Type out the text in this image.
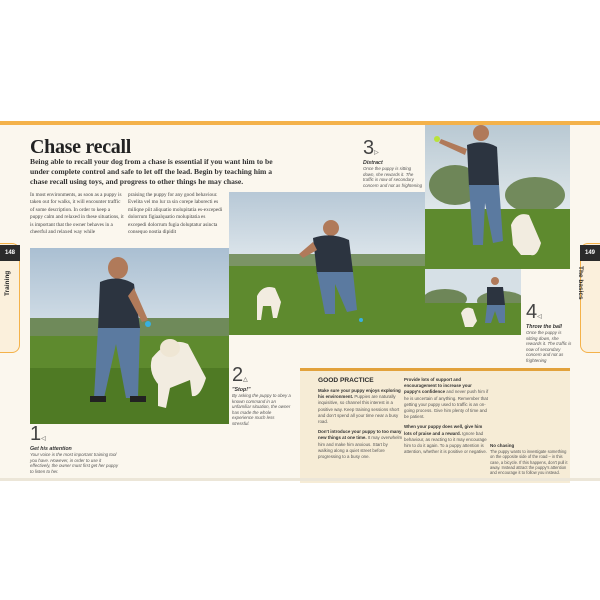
Chase recall
Being able to recall your dog from a chase is essential if you want him to be under complete control and safe to let off the lead. Begin by teaching him a chase recall using toys, and progress to other things he may chase.
In most environments, as soon as a puppy is taken out for walks, it will encounter traffic of some description. In order to keep a puppy calm and relaxed in these situations, it is important that the owner behaves in a cheerful and relaxed way while
praising the puppy for any good behaviour. Evelita vel mo lur ra sin corepe laborecti es miliqne piit aliquatio molupitatia es-excepedi dolorrum figiaalquatio molupitatia es excepedi dolorrum fugia doluptatur asincta consequo nostia dipidit
1◁
Get his attention
Your voice is the most important training tool you have. However, in order to use it effectively, the owner must first get her puppy to listen to her.
2△
"Stop!"
By asking the puppy to obey a known command in an unfamiliar situation, the owner has made the whole experience much less stressful.
3▷
Distract
Once the puppy is sitting down, she rewards it. The traffic is now of secondary concern and not as frightening
4◁
Throw the ball
Once the puppy is sitting down, she rewards it. The traffic is now of secondary concern and not as frightening
GOOD PRACTICE

Make sure your puppy enjoys exploring his environment. Puppies are naturally inquisitive, so channel this interest in a positive way. Keep training sessions short and don't spend all your time near a busy road.

Don't introduce your puppy to too many new things at one time. It may overwhelm him and make him anxious. Start by walking along a quiet street before progressing to a busy one.

Provide lots of support and encouragement to increase your puppy's confidence and never push him if he is uncertain of anything. Remember that getting your puppy used to traffic is an on-going process. Give him plenty of time and be patient.

When your puppy does well, give him lots of praise and a reward. Ignore bad behaviour, as reacting to it may encourage him to do it again. To a puppy attention is attention, whether it is positive or negative.

No chasing
The puppy wants to investigate something on the opposite side of the road – in this case, a bicycle. If this happens, don't pull it away. Instead attract the puppy's attention and encourage it to follow you instead.
148	149
Training	The basics
